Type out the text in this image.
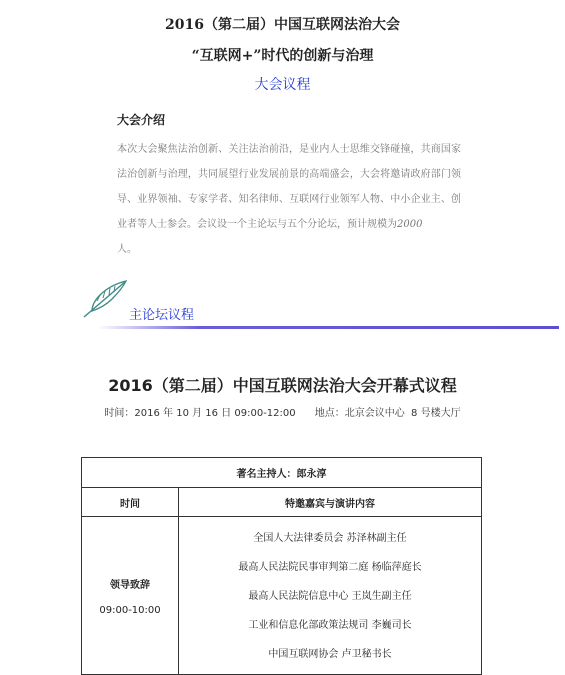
2016（第二届）中国互联网法治大会
“互联网+”时代的创新与治理
大会议程
大会介绍
本次大会聚焦法治创新、关注法治前沿，是业内人士思维交锋碰撞，共商国家法治创新与治理，共同展望行业发展前景的高端盛会，大会将邀请政府部门领导、业界领袖、专家学者、知名律师、互联网行业领军人物、中小企业主、创业者等人士参会。会议设一个主论坛与五个分论坛，预计规模为2000
人。
主论坛议程
2016（第二届）中国互联网法治大会开幕式议程
时间：2016 年 10 月 16 日 09:00-12:00      地点：北京会议中心  8 号楼大厅
著名主持人：郎永淳	
时间	特邀嘉宾与演讲内容

领导致辞
09:00-10:00	全国人大法律委员会 苏泽林副主任
最高人民法院民事审判第二庭 杨临萍庭长
最高人民法院信息中心 王岚生副主任
工业和信息化部政策法规司 李巍司长
中国互联网协会 卢卫秘书长
